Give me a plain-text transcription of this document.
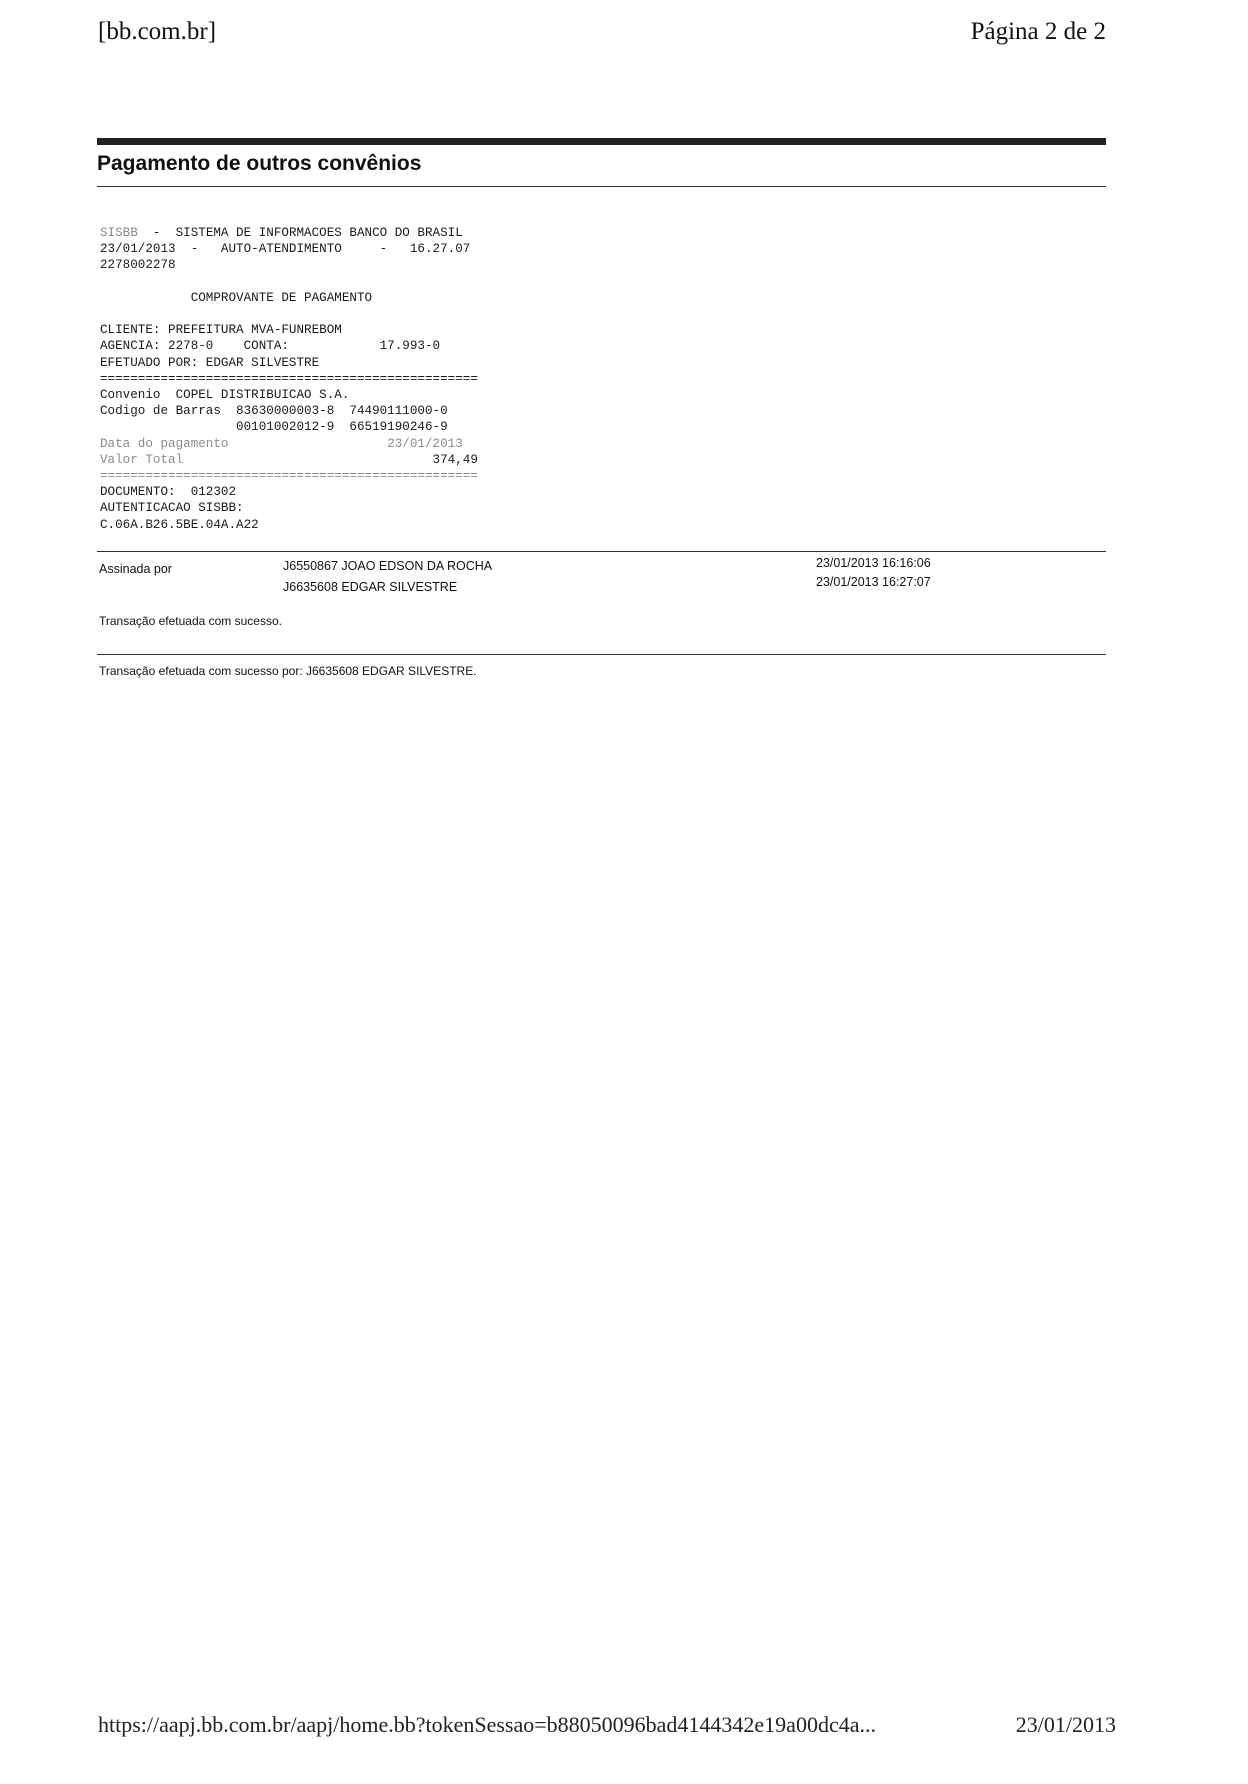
[bb.com.br]	Página 2 de 2
Pagamento de outros convênios
SISBB  -  SISTEMA DE INFORMACOES BANCO DO BRASIL
23/01/2013  -   AUTO-ATENDIMENTO     -   16.27.07
2278002278

COMPROVANTE DE PAGAMENTO

CLIENTE: PREFEITURA MVA-FUNREBOM
AGENCIA: 2278-0    CONTA:            17.993-0
EFETUADO POR: EDGAR SILVESTRE
==================================================
Convenio  COPEL DISTRIBUICAO S.A.
Codigo de Barras  83630000003-8  74490111000-0
00101002012-9  66519190246-9
Data do pagamento                     23/01/2013
Valor Total                                 374,49
==================================================
DOCUMENTO:  012302
AUTENTICACAO SISBB:
C.06A.B26.5BE.04A.A22
Assinada por	J6550867 JOAO EDSON DA ROCHA	23/01/2013 16:16:06
J6635608 EDGAR SILVESTRE	23/01/2013 16:27:07
Transação efetuada com sucesso.
Transação efetuada com sucesso por: J6635608 EDGAR SILVESTRE.
https://aapj.bb.com.br/aapj/home.bb?tokenSessao=b88050096bad4144342e19a00dc4a...	23/01/2013
